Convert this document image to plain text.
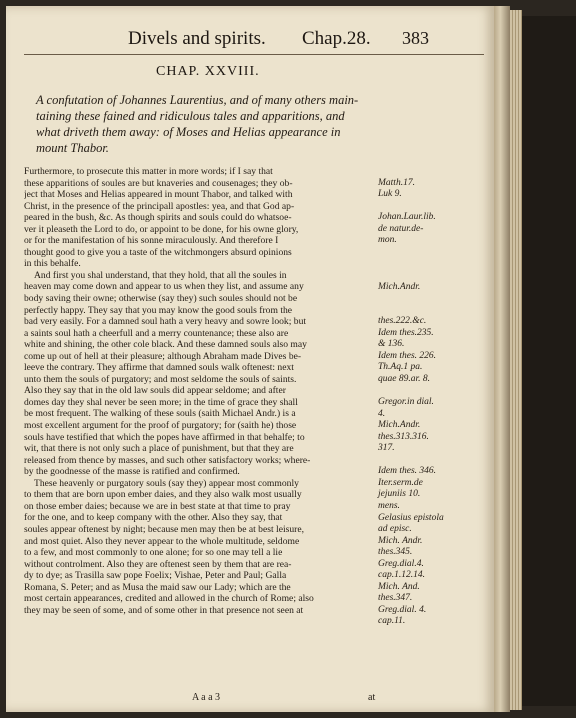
Divels and spirits. Chap.28. 383
CHAP. XXVIII.
A confutation of Johannes Laurentius, and of many others main-
taining these fained and ridiculous tales and apparitions, and
what driveth them away: of Moses and Helias appearance in
mount Thabor.
Furthermore, to prosecute this matter in more words; if I say that
these apparitions of soules are but knaveries and cousenages; they ob-
ject that Moses and Helias appeared in mount Thabor, and talked with
Christ, in the presence of the principall apostles: yea, and that God ap-
peared in the bush, &c. As though spirits and souls could do whatsoe-
ver it pleaseth the Lord to do, or appoint to be done, for his owne glory,
or for the manifestation of his sonne miraculously. And therefore I
thought good to give you a taste of the witchmongers absurd opinions
in this behalfe.
And first you shal understand, that they hold, that all the soules in
heaven may come down and appear to us when they list, and assume any
body saving their owne; otherwise (say they) such soules should not be
perfectly happy. They say that you may know the good souls from the
bad very easily. For a damned soul hath a very heavy and sowre look; but
a saints soul hath a cheerfull and a merry countenance; these also are
white and shining, the other cole black. And these damned souls also may
come up out of hell at their pleasure; although Abraham made Dives be-
leeve the contrary. They affirme that damned souls walk oftenest: next
unto them the souls of purgatory; and most seldome the souls of saints.
Also they say that in the old law souls did appear seldome; and after
domes day they shal never be seen more; in the time of grace they shall
be most frequent. The walking of these souls (saith Michael Andr.) is a
most excellent argument for the proof of purgatory; for (saith he) those
souls have testified that which the popes have affirmed in that behalfe; to
wit, that there is not only such a place of punishment, but that they are
released from thence by masses, and such other satisfactory works; where-
by the goodnesse of the masse is ratified and confirmed.
These heavenly or purgatory souls (say they) appear most commonly
to them that are born upon ember daies, and they also walk most usually
on those ember daies; because we are in best state at that time to pray
for the one, and to keep company with the other. Also they say, that
soules appear oftenest by night; because men may then be at best leisure,
and most quiet. Also they never appear to the whole multitude, seldome
to a few, and most commonly to one alone; for so one may tell a lie
without controlment. Also they are oftenest seen by them that are rea-
dy to dye; as Trasilla saw pope Foelix; Vishae, Peter and Paul; Galla
Romana, S. Peter; and as Musa the maid saw our Lady; which are the
most certain appearances, credited and allowed in the church of Rome; also
they may be seen of some, and of some other in that presence not seen at
Matth.17.
Luk 9.
Johan.Laur.lib.
de natur.de-
mon.
Mich.Andr.
thes.222.&c.
Idem thes.235.
& 136.
Idem thes. 226.
Th.Aq.1 pa.
quae 89.ar. 8.
Gregor.in dial.
4.
Mich.Andr.
thes.313.316.
317.
Idem thes. 346.
Iter.serm.de
jejuniis 10.
mens.
Gelasius epistola
ad episc.
Mich. Andr.
thes.345.
Greg.dial.4.
cap.1.12.14.
Mich. And.
thes.347.
Greg.dial. 4.
cap.11.
A a a 3	at
